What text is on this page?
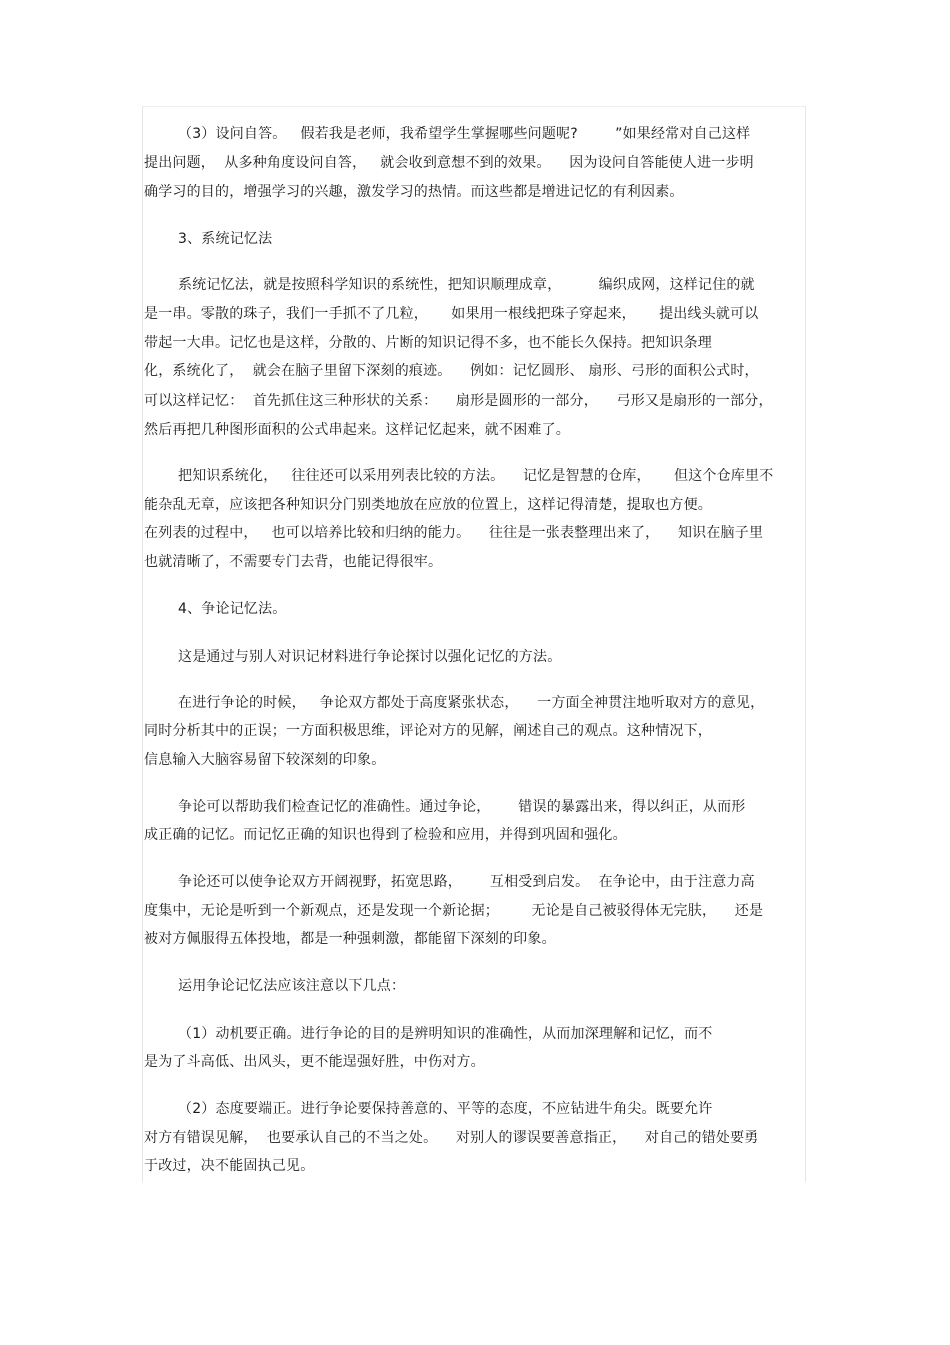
（3）设问自答。   假若我是老师，我希望学生掌握哪些问题呢?        ”如果经常对自己这样
提出问题，  从多种角度设问自答，   就会收到意想不到的效果。    因为设问自答能使人进一步明
确学习的目的，增强学习的兴趣，激发学习的热情。而这些都是增进记忆的有利因素。
3、系统记忆法
系统记忆法，就是按照科学知识的系统性，把知识顺理成章，        编织成网，这样记住的就
是一串。零散的珠子，我们一手抓不了几粒，     如果用一根线把珠子穿起来，     提出线头就可以
带起一大串。记忆也是这样，分散的、片断的知识记得不多，也不能长久保持。把知识条理
化，系统化了，  就会在脑子里留下深刻的痕迹。    例如：记忆圆形、 扇形、弓形的面积公式时，
可以这样记忆：  首先抓住这三种形状的关系：    扇形是圆形的一部分，    弓形又是扇形的一部分，
然后再把几种图形面积的公式串起来。这样记忆起来，就不困难了。
把知识系统化，   往往还可以采用列表比较的方法。    记忆是智慧的仓库，     但这个仓库里不
能杂乱无章，应该把各种知识分门别类地放在应放的位置上，这样记得清楚，提取也方便。
在列表的过程中，   也可以培养比较和归纳的能力。    往往是一张表整理出来了，    知识在脑子里
也就清晰了，不需要专门去背，也能记得很牢。
4、争论记忆法。
这是通过与别人对识记材料进行争论探讨以强化记忆的方法。
在进行争论的时候，   争论双方都处于高度紧张状态，    一方面全神贯注地听取对方的意见，
同时分析其中的正误；一方面积极思维，评论对方的见解，阐述自己的观点。这种情况下，
信息输入大脑容易留下较深刻的印象。
争论可以帮助我们检查记忆的准确性。通过争论，      错误的暴露出来，得以纠正，从而形
成正确的记忆。而记忆正确的知识也得到了检验和应用，并得到巩固和强化。
争论还可以使争论双方开阔视野，拓宽思路，      互相受到启发。  在争论中，由于注意力高
度集中，无论是听到一个新观点，还是发现一个新论据；       无论是自己被驳得体无完肤，    还是
被对方佩服得五体投地，都是一种强刺激，都能留下深刻的印象。
运用争论记忆法应该注意以下几点：
（1）动机要正确。进行争论的目的是辨明知识的准确性，从而加深理解和记忆，而不
是为了斗高低、出风头，更不能逞强好胜，中伤对方。
（2）态度要端正。进行争论要保持善意的、平等的态度，不应钻进牛角尖。既要允许
对方有错误见解，  也要承认自己的不当之处。    对别人的谬误要善意指正，    对自己的错处要勇
于改过，决不能固执己见。
